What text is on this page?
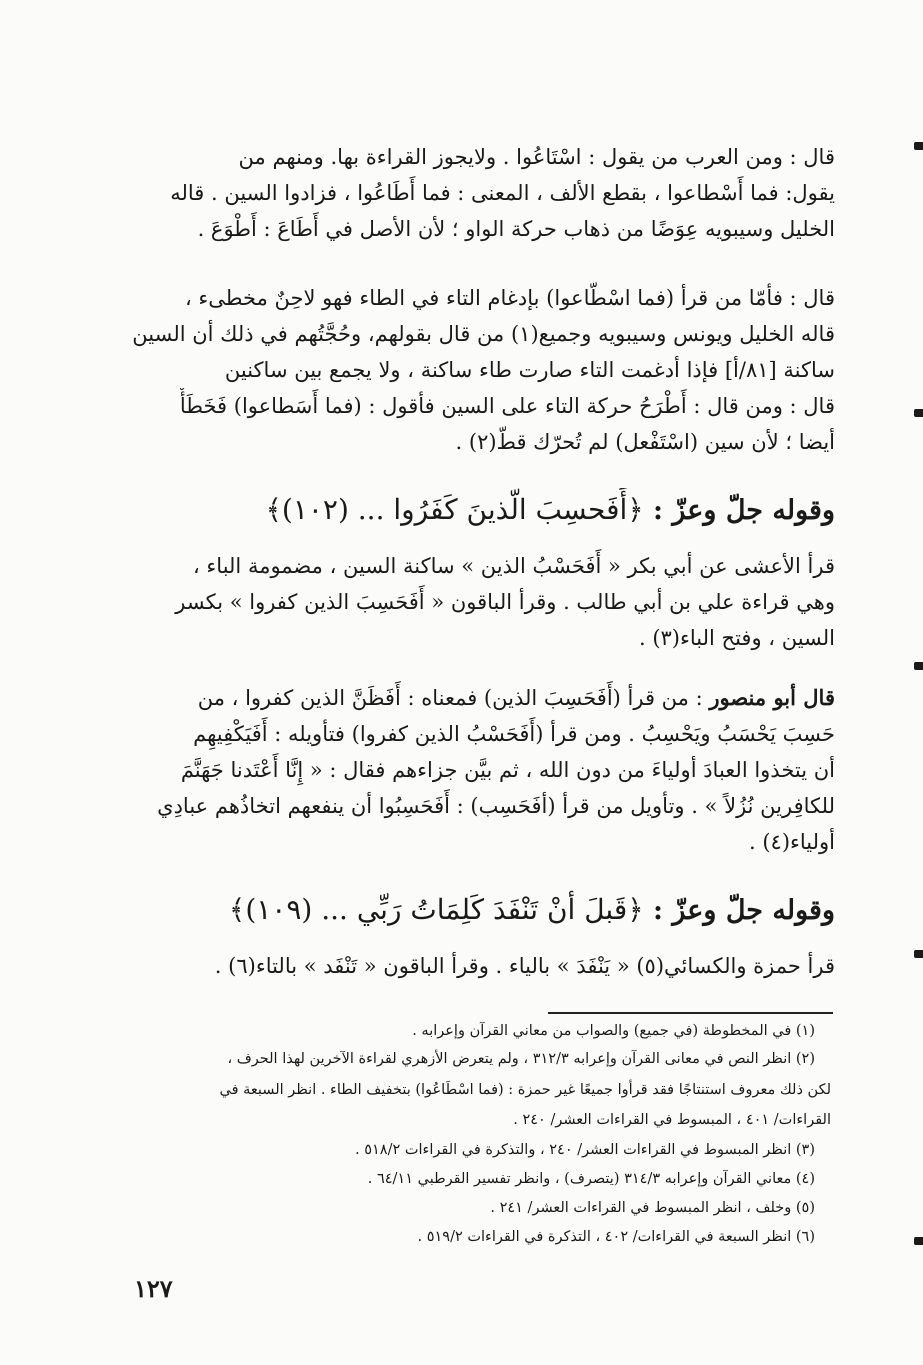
قال : ومن العرب من يقول : اسْتَاعُوا . ولايجوز القراءة بها. ومنهم من

يقول: فما أَسْطاعوا ، بقطع الألف ، المعنى : فما أَطَاعُوا ، فزادوا السين . قاله

الخليل وسيبويه عِوَضًا من ذهاب حركة الواو ؛ لأن الأصل في أَطَاعَ : أَطْوَعَ .

قال : فأمّا من قرأ (فما اسْطّاعوا) بإدغام التاء في الطاء فهو لاحِنٌ مخطىء ،

قاله الخليل ويونس وسيبويه وجميع(١) من قال بقولهم، وحُجَّتُهم في ذلك أن السين

ساكنة [٨١/أ] فإذا أدغمت التاء صارت طاء ساكنة ، ولا يجمع بين ساكنين

قال : ومن قال : أَطْرَحُ حركة التاء على السين فأقول : (فما أَسَطاعوا) فَخَطَأٌ

أيضا ؛ لأن سين (اسْتَفْعل) لم تُحرّك قطّ(٢) .

وقوله جلّ وعزّ : ﴿أَفَحسِبَ الّذينَ كَفَرُوا ... (١٠٢)﴾

قرأ الأعشى عن أبي بكر « أَفَحَسْبُ الذين » ساكنة السين ، مضمومة الباء ،

وهي قراءة علي بن أبي طالب . وقرأ الباقون « أَفَحَسِبَ الذين كفروا » بكسر

السين ، وفتح الباء(٣) .

قال أبو منصور : من قرأ (أَفَحَسِبَ الذين) فمعناه : أَفَظَنَّ الذين كفروا ، من

حَسِبَ يَحْسَبُ ويَحْسِبُ . ومن قرأ (أَفَحَسْبُ الذين كفروا) فتأويله : أَفَيَكْفِيهِم

أن يتخذوا العبادَ أولياءَ من دون الله ، ثم بيَّن جزاءهم فقال : « إِنَّا أَعْتَدنا جَهَنَّمَ

للكافِرين نُزُلاً » . وتأويل من قرأ (أفَحَسِب) : أَفَحَسِبُوا أن ينفعهم اتخاذُهم عبادِي

أولياء(٤) .

وقوله جلّ وعزّ : ﴿قَبلَ أنْ تَنْفَدَ كَلِمَاتُ رَبِّي ... (١٠٩)﴾

قرأ حمزة والكسائي(٥) « يَنْفَدَ » بالياء . وقرأ الباقون « تَنْفَد » بالتاء(٦) .

(١) في المخطوطة (في جميع) والصواب من معاني القرآن وإعرابه .
(٢) انظر النص في معانى القرآن وإعرابه ٣١٢/٣ ، ولم يتعرض الأزهري لقراءة الآخرين لهذا الحرف ،
لكن ذلك معروف استنتاجًا فقد قرأوا جميعًا غير حمزة : (فما اسْطَاعُوا) بتخفيف الطاء . انظر السبعة في
القراءات/ ٤٠١ ، المبسوط في القراءات العشر/ ٢٤٠ .
(٣) انظر المبسوط في القراءات العشر/ ٢٤٠ ، والتذكرة في القراءات ٥١٨/٢ .
(٤) معاني القرآن وإعرابه ٣١٤/٣ (يتصرف) ، وانظر تفسير القرطبي ٦٤/١١ .
(٥) وخلف ، انظر المبسوط في القراءات العشر/ ٢٤١ .
(٦) انظر السبعة في القراءات/ ٤٠٢ ، التذكرة في القراءات ٥١٩/٢ .
١٢٧
